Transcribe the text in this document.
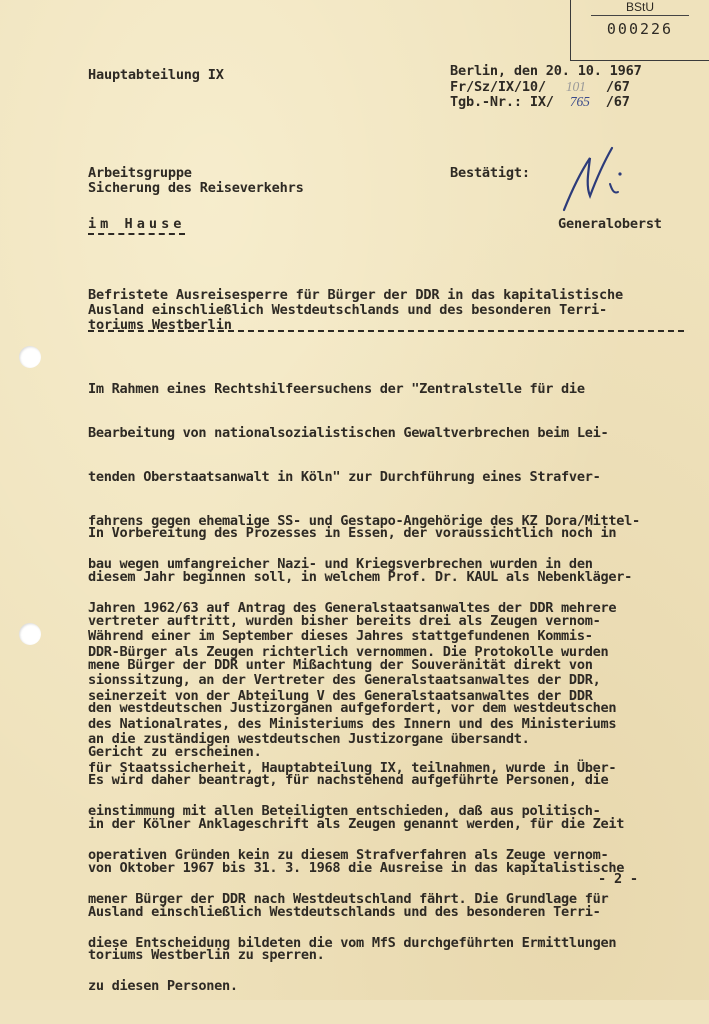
BStU
000226
Hauptabteilung IX	Berlin, den 20. 10. 1967
Fr/Sz/IX/10/ 101 /67
Tgb.-Nr.: IX/ 765 /67
Arbeitsgruppe
Sicherung des Reiseverkehrs
im Hause
Bestätigt:
Generaloberst
Befristete Ausreisesperre für Bürger der DDR in das kapitalistische
Ausland einschließlich Westdeutschlands und des besonderen Terri-
toriums Westberlin

Im Rahmen eines Rechtshilfeersuchens der "Zentralstelle für die

Bearbeitung von nationalsozialistischen Gewaltverbrechen beim Lei-

tenden Oberstaatsanwalt in Köln" zur Durchführung eines Strafver-

fahrens gegen ehemalige SS- und Gestapo-Angehörige des KZ Dora/Mittel-

bau wegen umfangreicher Nazi- und Kriegsverbrechen wurden in den

Jahren 1962/63 auf Antrag des Generalstaatsanwaltes der DDR mehrere

DDR-Bürger als Zeugen richterlich vernommen. Die Protokolle wurden

seinerzeit von der Abteilung V des Generalstaatsanwaltes der DDR

an die zuständigen westdeutschen Justizorgane übersandt.

In Vorbereitung des Prozesses in Essen, der voraussichtlich noch in

diesem Jahr beginnen soll, in welchem Prof. Dr. KAUL als Nebenkläger-

vertreter auftritt, wurden bisher bereits drei als Zeugen vernom-

mene Bürger der DDR unter Mißachtung der Souveränität direkt von

den westdeutschen Justizorganen aufgefordert, vor dem westdeutschen

Gericht zu erscheinen.

Während einer im September dieses Jahres stattgefundenen Kommis-

sionssitzung, an der Vertreter des Generalstaatsanwaltes der DDR,

des Nationalrates, des Ministeriums des Innern und des Ministeriums

für Staatssicherheit, Hauptabteilung IX, teilnahmen, wurde in Über-

einstimmung mit allen Beteiligten entschieden, daß aus politisch-

operativen Gründen kein zu diesem Strafverfahren als Zeuge vernom-

mener Bürger der DDR nach Westdeutschland fährt. Die Grundlage für

diese Entscheidung bildeten die vom MfS durchgeführten Ermittlungen

zu diesen Personen.

Es wird daher beantragt, für nachstehend aufgeführte Personen, die

in der Kölner Anklageschrift als Zeugen genannt werden, für die Zeit

von Oktober 1967 bis 31. 3. 1968 die Ausreise in das kapitalistische

Ausland einschließlich Westdeutschlands und des besonderen Terri-

toriums Westberlin zu sperren.

- 2 -
